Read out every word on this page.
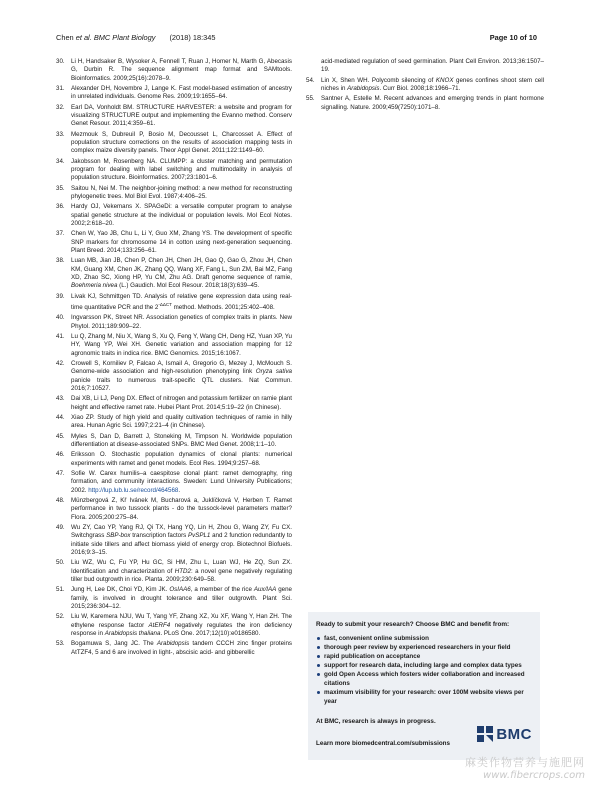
Chen et al. BMC Plant Biology (2018) 18:345	Page 10 of 10
30. Li H, Handsaker B, Wysoker A, Fennell T, Ruan J, Homer N, Marth G, Abecasis G, Durbin R. The sequence alignment map format and SAMtools. Bioinformatics. 2009;25(16):2078–9.
31. Alexander DH, Novembre J, Lange K. Fast model-based estimation of ancestry in unrelated individuals. Genome Res. 2009;19:1655–64.
32. Earl DA, Vonholdt BM. STRUCTURE HARVESTER: a website and program for visualizing STRUCTURE output and implementing the Evanno method. Conserv Genet Resour. 2011;4:359–61.
33. Mezmouk S, Dubreuil P, Bosio M, Decousset L, Charcosset A. Effect of population structure corrections on the results of association mapping tests in complex maize diversity panels. Theor Appl Genet. 2011;122:1149–60.
34. Jakobsson M, Rosenberg NA. CLUMPP: a cluster matching and permutation program for dealing with label switching and multimodality in analysis of population structure. Bioinformatics. 2007;23:1801–6.
35. Saitou N, Nei M. The neighbor-joining method: a new method for reconstructing phylogenetic trees. Mol Biol Evol. 1987;4:406–25.
36. Hardy OJ, Vekemans X. SPAGeDi: a versatile computer program to analyse spatial genetic structure at the individual or population levels. Mol Ecol Notes. 2002;2:618–20.
37. Chen W, Yao JB, Chu L, Li Y, Guo XM, Zhang YS. The development of specific SNP markers for chromosome 14 in cotton using next-generation sequencing. Plant Breed. 2014;133:256–61.
38. Luan MB, Jian JB, Chen P, Chen JH, Chen JH, Gao Q, Gao G, Zhou JH, Chen KM, Guang XM, Chen JK, Zhang QQ, Wang XF, Fang L, Sun ZM, Bai MZ, Fang XD, Zhao SC, Xiong HP, Yu CM, Zhu AG. Draft genome sequence of ramie, Boehmeria nivea (L.) Gaudich. Mol Ecol Resour. 2018;18(3):639–45.
39. Livak KJ, Schmittgen TD. Analysis of relative gene expression data using real-time quantitative PCR and the $2^{-\Delta\Delta CT}$ method. Methods. 2001;25:402–408.
40. Ingvarsson PK, Street NR. Association genetics of complex traits in plants. New Phytol. 2011;189:909–22.
41. Lu Q, Zhang M, Niu X, Wang S, Xu Q, Feng Y, Wang CH, Deng HZ, Yuan XP, Yu HY, Wang YP, Wei XH. Genetic variation and association mapping for 12 agronomic traits in indica rice. BMC Genomics. 2015;16:1067.
42. Crowell S, Korniliev P, Falcao A, Ismail A, Gregorio G, Mezey J, McMouch S. Genome-wide association and high-resolution phenotyping link Oryza sativa panicle traits to numerous trait-specific QTL clusters. Nat Commun. 2016;7:10527.
43. Dai XB, Li LJ, Peng DX. Effect of nitrogen and potassium fertilizer on ramie plant height and effective ramet rate. Hubei Plant Prot. 2014;5:19–22 (in Chinese).
44. Xiao ZP. Study of high yield and quality cultivation techniques of ramie in hilly area. Hunan Agric Sci. 1997;2:21–4 (in Chinese).
45. Myles S, Dan D, Barrett J, Stoneking M, Timpson N. Worldwide population differentiation at disease-associated SNPs. BMC Med Genet. 2008;1:1–10.
46. Eriksson O. Stochastic population dynamics of clonal plants: numerical experiments with ramet and genet models. Ecol Res. 1994;9:257–68.
47. Sofie W. Carex humilis–a caespitose clonal plant: ramet demography, ring formation, and community interactions. Sweden: Lund University Publications; 2002. http://lup.lub.lu.se/record/464568.
48. Münzbergová Z, Kř Ivánek M, Bucharová a, Juklíčková V, Herben T. Ramet performance in two tussock plants - do the tussock-level parameters matter? Flora. 2005;200:275–84.
49. Wu ZY, Cao YP, Yang RJ, Qi TX, Hang YQ, Lin H, Zhou G, Wang ZY, Fu CX. Switchgrass SBP-box transcription factors PvSPL1 and 2 function redundantly to initiate side tillers and affect biomass yield of energy crop. Biotechnol Biofuels. 2016;9:3–15.
50. Liu WZ, Wu C, Fu YP, Hu GC, Si HM, Zhu L, Luan WJ, He ZQ, Sun ZX. Identification and characterization of HTD2: a novel gene negatively regulating tiller bud outgrowth in rice. Planta. 2009;230:649–58.
51. Jung H, Lee DK, Choi YD, Kim JK. OsIAA6, a member of the rice Aux/IAA gene family, is involved in drought tolerance and tiller outgrowth. Plant Sci. 2015;236:304–12.
52. Liu W, Karemera NJU, Wu T, Yang YF, Zhang XZ, Xu XF, Wang Y, Han ZH. The ethylene response factor AtERF4 negatively regulates the iron deficiency response in Arabidopsis thaliana. PLoS One. 2017;12(10):e0186580.
53. Bogamuwa S, Jang JC. The Arabidopsis tandem CCCH zinc finger proteins AtTZF4, 5 and 6 are involved in light-, abscisic acid- and gibberellic
acid-mediated regulation of seed germination. Plant Cell Environ. 2013;36:1507–19.
54. Lin X, Shen WH. Polycomb silencing of KNOX genes confines shoot stem cell niches in Arabidopsis. Curr Biol. 2008;18:1966–71.
55. Santner A, Estelle M. Recent advances and emerging trends in plant hormone signalling. Nature. 2009;459(7250):1071–8.
Ready to submit your research? Choose BMC and benefit from:
fast, convenient online submission
thorough peer review by experienced researchers in your field
rapid publication on acceptance
support for research data, including large and complex data types
gold Open Access which fosters wider collaboration and increased citations
maximum visibility for your research: over 100M website views per year
At BMC, research is always in progress.
Learn more biomedcentral.com/submissions
BMC
麻类作物营养与施肥网
www.fibercrops.com
